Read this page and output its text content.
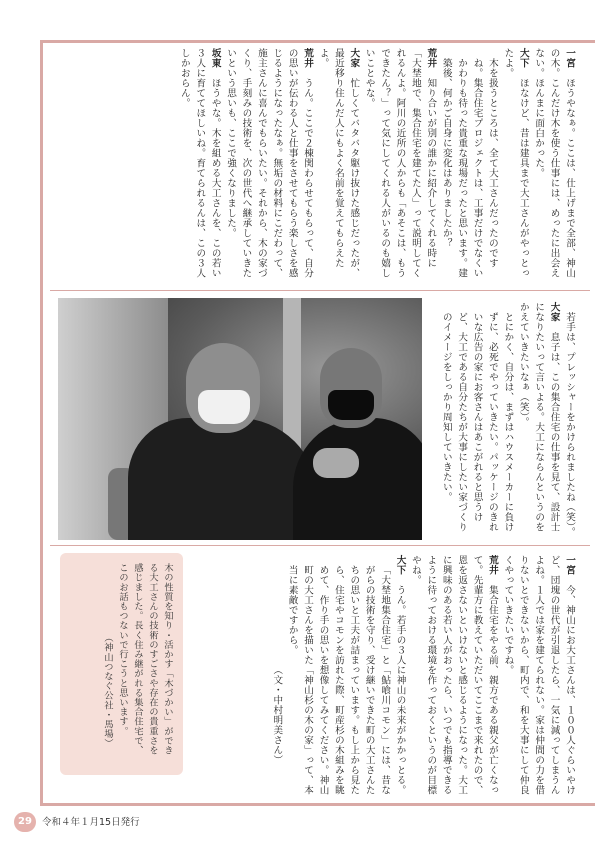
一宮　ほうやなぁ。ここは、仕上げまで全部、神山の木。こんだけ木を使う仕事には、めったに出会えない。ほんまに面白かった。

大下　ほなけど、昔は建具まで大工さんがやっとったよ。

木を扱うところは、全て大工さんだったのですね。集合住宅プロジェクトは、工事だけでなくいかわりも待った貴重な現場だったと思います。建築後、何かご自身に変化はありましたか？

荒井　知り合いが別の誰かに紹介してくれる時に「大埜地で、集合住宅を建てた人」って説明してくれるんよ。阿川の近所の人からも「あそこは、もうできたん？」って気にしてくれる人がいるのも嬉しいことやな。

大家　忙しくてバタバタ駆け抜けた感じだったが、最近移り住んだ人にもよく名前を覚えてもらえたよ。

荒井　うん。ここで２棟関わらせてもらって、自分の思いが伝わる人と仕事をさせてもらう楽しさを感じるようになったなぁ。無垢の材料にこだわって、施主さんに喜んでもらいたい。それから、木の家づくり、手刻みの技術を、次の世代へ継承していきたいという思いも、ここで強くなりました。

坂東　ほうやな。木を組める大工さんを、この若い３人に育ててほしいね。育てられるんは、この３人しかおらん。

若手は、プレッシャーをかけられましたね（笑）。

大家　息子は、この集合住宅の仕事を見て、設計士になりたいって言いよる。大工にならんというのをかえていきたいなぁ（笑）。

とにかく、自分は、まずはハウスメーカーに負けずに、必死でやっていきたい。パッケージのきれいな広告の家にお客さんはあこがれると思うけど、大工である自分たちが大事にしたい家づくりのイメージをしっかり周知していきたい。

一宮　今、神山にお大工さんは、１００人ぐらいやけど、団塊の世代が引退したら、一気に減ってしまうんよね。１人では家を建てられない。家は仲間の力を借りないとできないから、町内で、和を大事にして仲良くやっていきたいですね。

荒井　集合住宅をやる前、親方である親父が亡くなって。先輩方に教えていただいてここまで来れたので、恩を返さないといけないと感じるようになった。大工に興味のある若い人がおったら、いつでも指導できるように待っておける環境を作っておくというのが目標やね。

大下　うん。若手の３人に神山の未来がかかっとる。

「大埜地集合住宅」と「鮎喰川コモン」には、昔ながらの技術を守り、受け継いできた町の大工さんたちの思いと工夫が詰まっています。もし上から見たら、住宅やコモンを訪れた際、町産杉の木組みを眺めて、作り手の思いを想像してみてください。神山町の大工さんを描いた「神山杉の木の家」って、本当に素敵ですから。

（文・中村明美さん）

木の性質を知り・活かす「木づかい」ができる大工さんの技術のすごさや存在の貴重さを感じました。長く住み継がれる集合住宅で、このお話もつないで行こうと思います。

（神山つなぐ公社・馬場）

29	令和４年１月15日発行
